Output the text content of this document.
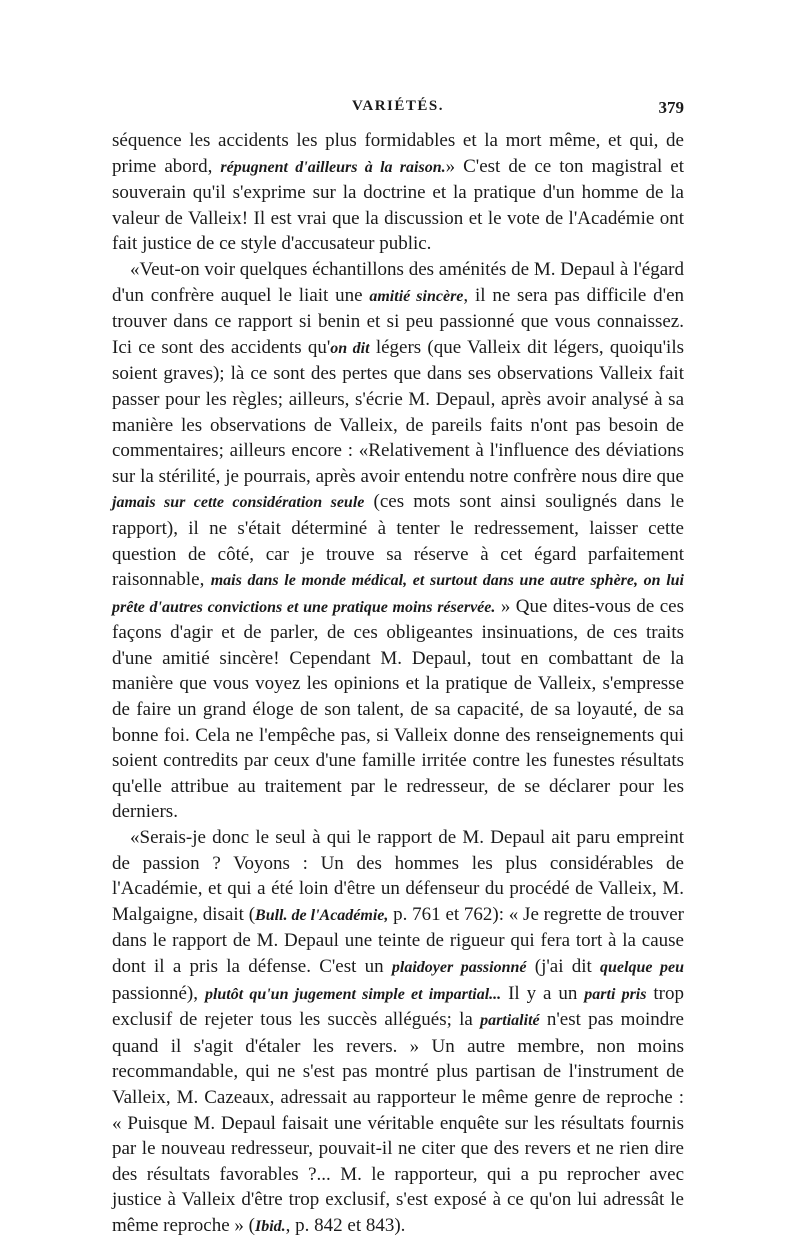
VARIÉTÉS.	379

séquence les accidents les plus formidables et la mort même, et qui, de prime abord, répugnent d'ailleurs à la raison.» C'est de ce ton magistral et souverain qu'il s'exprime sur la doctrine et la pratique d'un homme de la valeur de Valleix! Il est vrai que la discussion et le vote de l'Académie ont fait justice de ce style d'accusateur public.

«Veut-on voir quelques échantillons des aménités de M. Depaul à l'égard d'un confrère auquel le liait une amitié sincère, il ne sera pas difficile d'en trouver dans ce rapport si benin et si peu passionné que vous connaissez. Ici ce sont des accidents qu'on dit légers (que Valleix dit légers, quoiqu'ils soient graves); là ce sont des pertes que dans ses observations Valleix fait passer pour les règles; ailleurs, s'écrie M. Depaul, après avoir analysé à sa manière les observations de Valleix, de pareils faits n'ont pas besoin de commentaires; ailleurs encore : «Relativement à l'influence des déviations sur la stérilité, je pourrais, après avoir entendu notre confrère nous dire que jamais sur cette considération seule (ces mots sont ainsi soulignés dans le rapport), il ne s'était déterminé à tenter le redressement, laisser cette question de côté, car je trouve sa réserve à cet égard parfaitement raisonnable, mais dans le monde médical, et surtout dans une autre sphère, on lui prête d'autres convictions et une pratique moins réservée. » Que dites-vous de ces façons d'agir et de parler, de ces obligeantes insinuations, de ces traits d'une amitié sincère! Cependant M. Depaul, tout en combattant de la manière que vous voyez les opinions et la pratique de Valleix, s'empresse de faire un grand éloge de son talent, de sa capacité, de sa loyauté, de sa bonne foi. Cela ne l'empêche pas, si Valleix donne des renseignements qui soient contredits par ceux d'une famille irritée contre les funestes résultats qu'elle attribue au traitement par le redresseur, de se déclarer pour les derniers.

«Serais-je donc le seul à qui le rapport de M. Depaul ait paru empreint de passion ? Voyons : Un des hommes les plus considérables de l'Académie, et qui a été loin d'être un défenseur du procédé de Valleix, M. Malgaigne, disait (Bull. de l'Académie, p. 761 et 762): « Je regrette de trouver dans le rapport de M. Depaul une teinte de rigueur qui fera tort à la cause dont il a pris la défense. C'est un plaidoyer passionné (j'ai dit quelque peu passionné), plutôt qu'un jugement simple et impartial... Il y a un parti pris trop exclusif de rejeter tous les succès allégués; la partialité n'est pas moindre quand il s'agit d'étaler les revers. » Un autre membre, non moins recommandable, qui ne s'est pas montré plus partisan de l'instrument de Valleix, M. Cazeaux, adressait au rapporteur le même genre de reproche : « Puisque M. Depaul faisait une véritable enquête sur les résultats fournis par le nouveau redresseur, pouvait-il ne citer que des revers et ne rien dire des résultats favorables ?... M. le rapporteur, qui a pu reprocher avec justice à Valleix d'être trop exclusif, s'est exposé à ce qu'on lui adressât le même reproche » (Ibid., p. 842 et 843).
